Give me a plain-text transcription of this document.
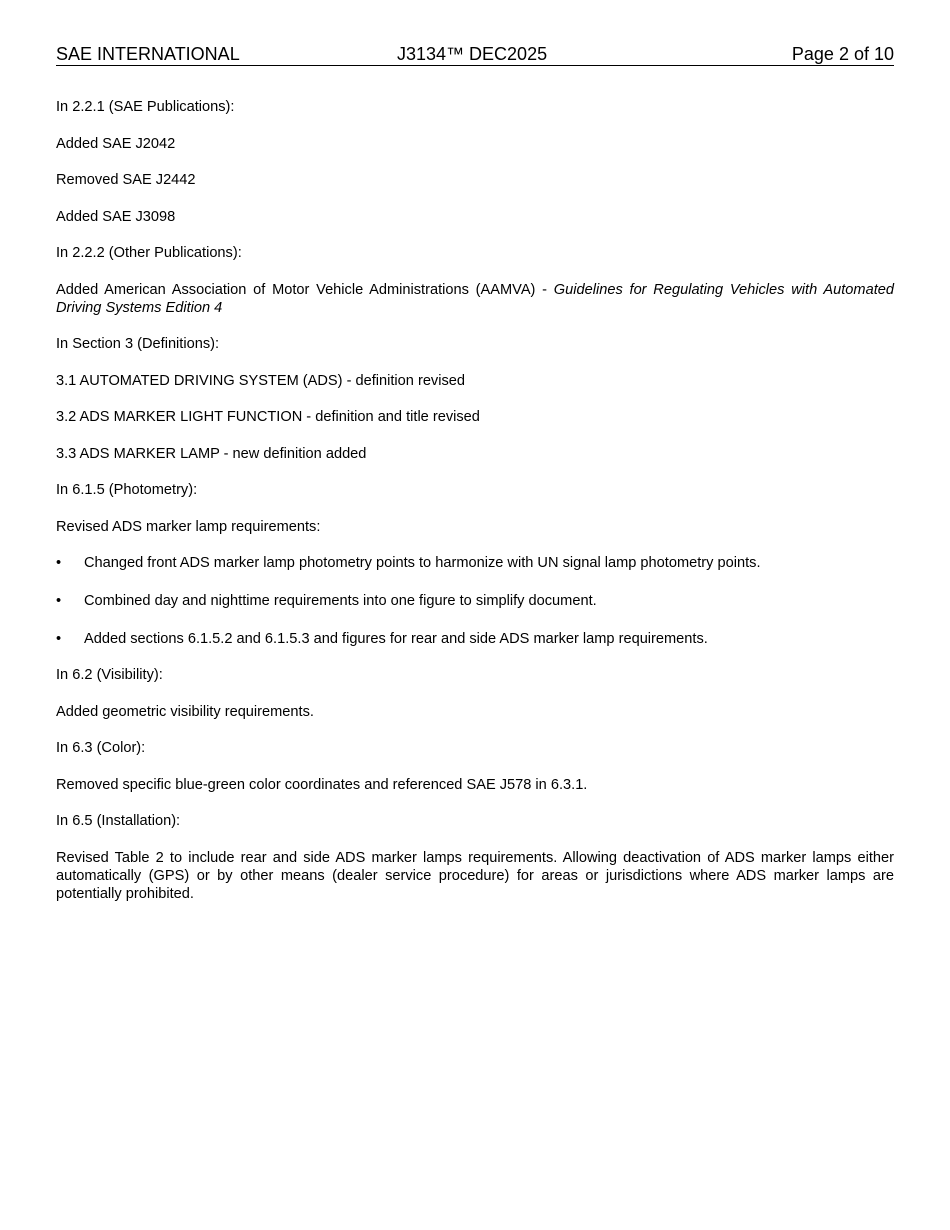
SAE INTERNATIONAL	J3134™ DEC2025	Page 2 of 10

In 2.2.1 (SAE Publications):

Added SAE J2042

Removed SAE J2442

Added SAE J3098

In 2.2.2 (Other Publications):

Added American Association of Motor Vehicle Administrations (AAMVA) - Guidelines for Regulating Vehicles with Automated Driving Systems Edition 4

In Section 3 (Definitions):

3.1 AUTOMATED DRIVING SYSTEM (ADS) - definition revised

3.2 ADS MARKER LIGHT FUNCTION - definition and title revised

3.3 ADS MARKER LAMP - new definition added

In 6.1.5 (Photometry):

Revised ADS marker lamp requirements:

• Changed front ADS marker lamp photometry points to harmonize with UN signal lamp photometry points.
• Combined day and nighttime requirements into one figure to simplify document.
• Added sections 6.1.5.2 and 6.1.5.3 and figures for rear and side ADS marker lamp requirements.

In 6.2 (Visibility):

Added geometric visibility requirements.

In 6.3 (Color):

Removed specific blue-green color coordinates and referenced SAE J578 in 6.3.1.

In 6.5 (Installation):

Revised Table 2 to include rear and side ADS marker lamps requirements. Allowing deactivation of ADS marker lamps either automatically (GPS) or by other means (dealer service procedure) for areas or jurisdictions where ADS marker lamps are potentially prohibited.
